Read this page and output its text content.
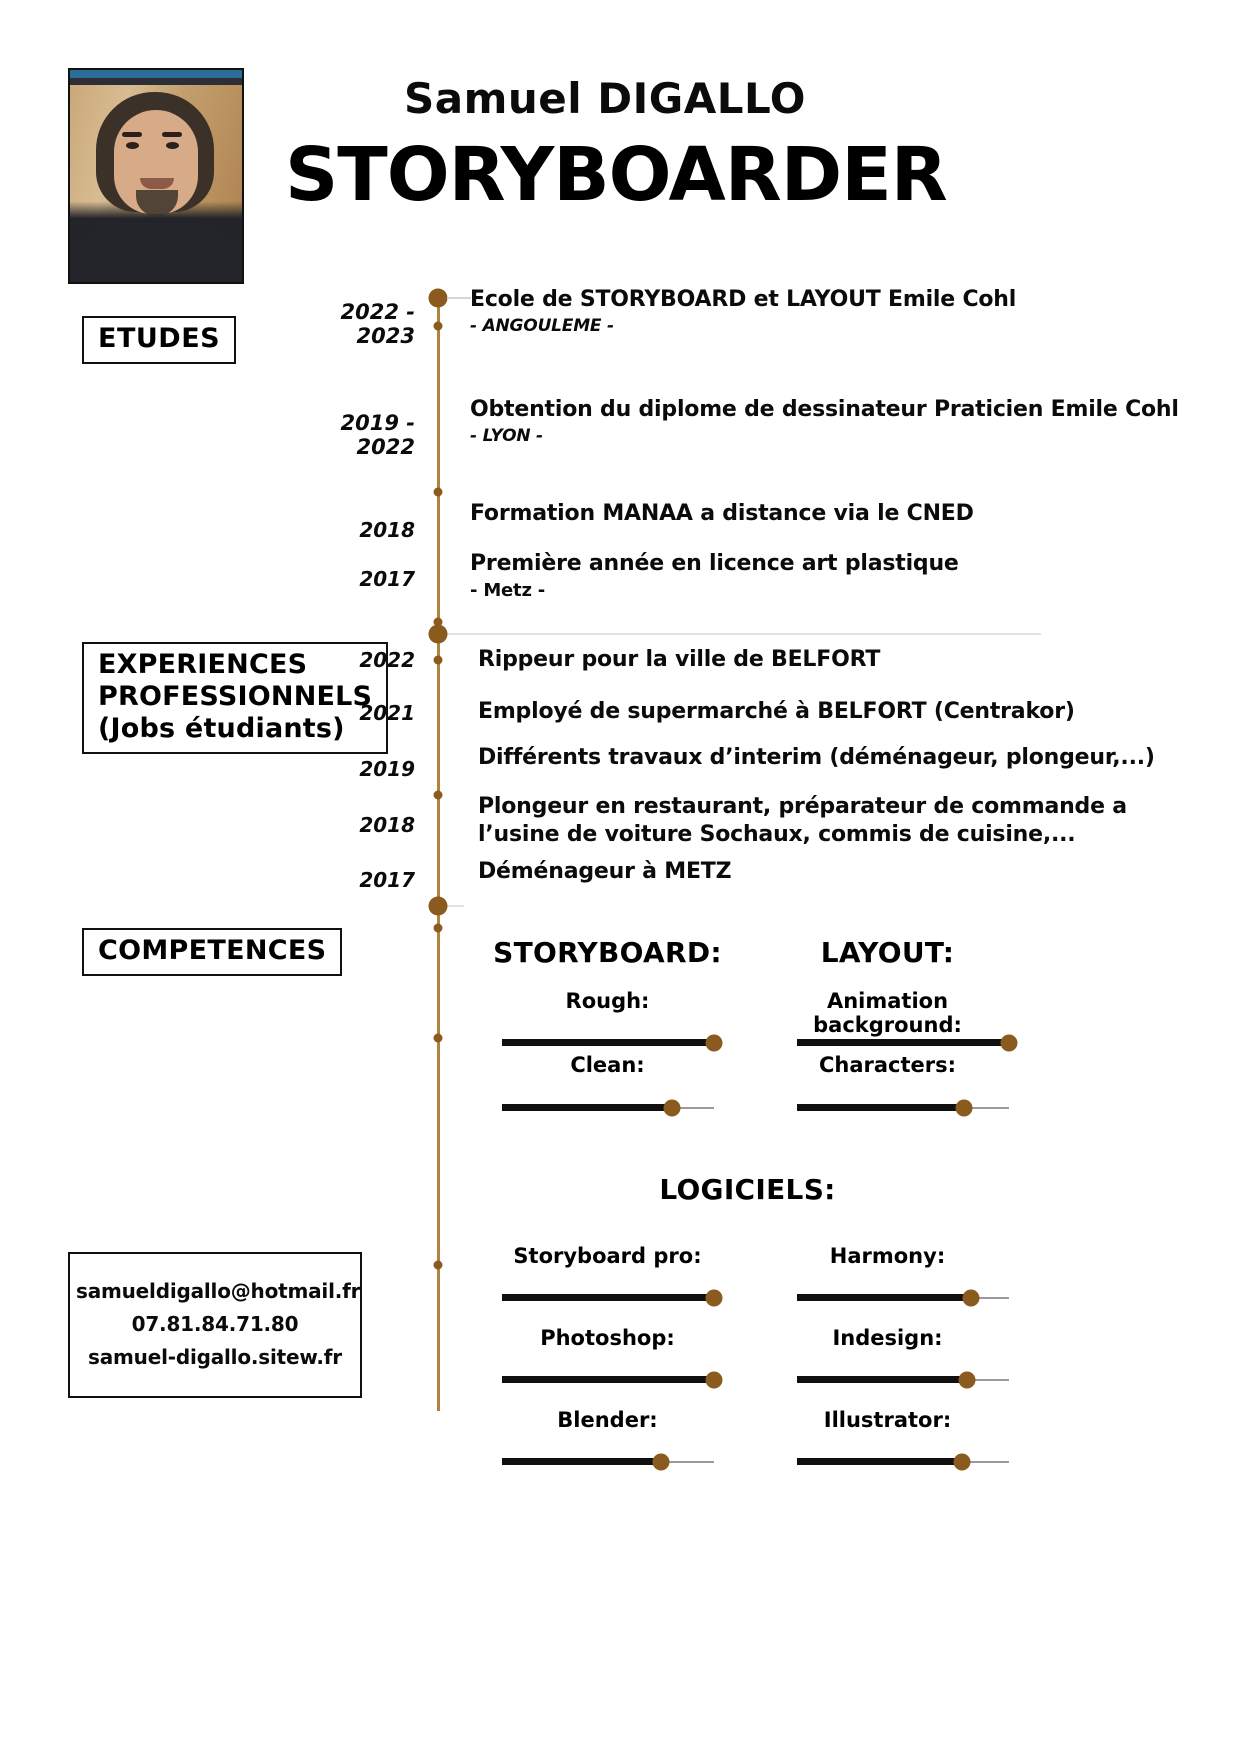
Samuel DIGALLO
STORYBOARDER
ETUDES
2022 - 2023
Ecole de STORYBOARD et LAYOUT Emile Cohl
- ANGOULEME -
2019 - 2022
Obtention du diplome de dessinateur Praticien Emile Cohl
- LYON -
2018
Formation MANAA a distance via le CNED
2017
Première année en licence art plastique
- Metz -
EXPERIENCES
PROFESSIONNELS
(Jobs étudiants)
2022	Rippeur pour la ville de BELFORT
2021	Employé de supermarché à BELFORT (Centrakor)
2019	Différents travaux d’interim (déménageur, plongeur,...)
2018
Plongeur en restaurant, préparateur de commande a
l’usine de voiture Sochaux, commis de cuisine,...
2017	Déménageur à METZ
COMPETENCES	STORYBOARD:
Rough:
Clean:
LAYOUT:
Animation background:
Characters:
LOGICIELS:
Storyboard pro:
Photoshop:
Blender:
Harmony:
Indesign:
Illustrator:
samueldigallo@hotmail.fr
07.81.84.71.80
samuel-digallo.sitew.fr
